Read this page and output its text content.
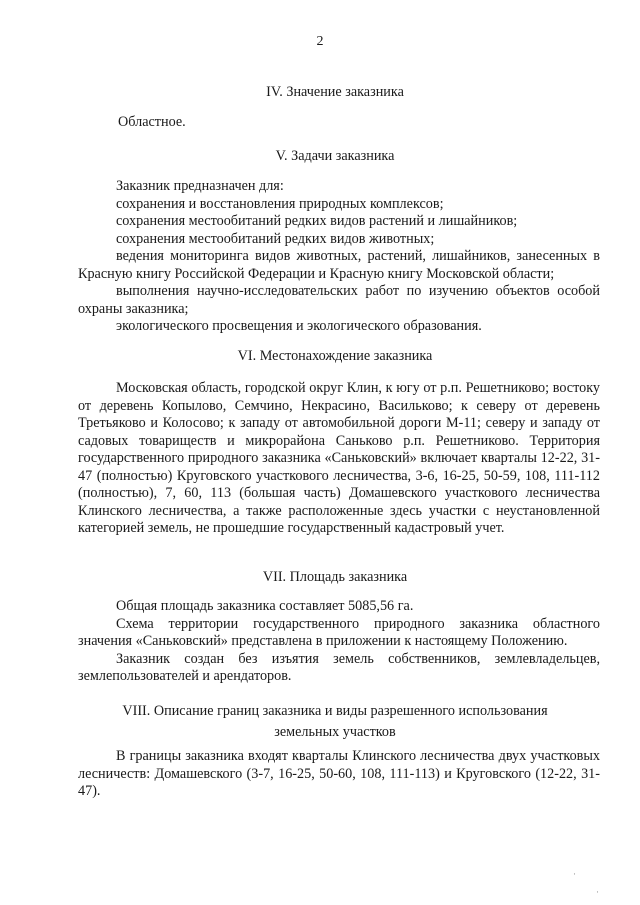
2
IV. Значение заказника

Областное.

V. Задачи заказника

Заказник предназначен для:

сохранения и восстановления природных комплексов;

сохранения местообитаний редких видов растений и лишайников;

сохранения местообитаний редких видов животных;

ведения мониторинга видов животных, растений, лишайников, занесенных в Красную книгу Российской Федерации и Красную книгу Московской области;

выполнения научно-исследовательских работ по изучению объектов особой охраны заказника;

экологического просвещения и экологического образования.

VI. Местонахождение заказника

Московская область, городской округ Клин, к югу от р.п. Решетниково; востоку от деревень Копылово, Семчино, Некрасино, Васильково; к северу от деревень Третьяково и Колосово; к западу от автомобильной дороги М-11; северу и западу от садовых товариществ и микрорайона Саньково р.п. Решетниково. Территория государственного природного заказника «Саньковский» включает кварталы 12-22, 31-47 (полностью) Круговского участкового лесничества, 3-6, 16-25, 50-59, 108, 111-112 (полностью), 7, 60, 113 (большая часть) Домашевского участкового лесничества Клинского лесничества, а также расположенные здесь участки с неустановленной категорией земель, не прошедшие государственный кадастровый учет.

VII. Площадь заказника

Общая площадь заказника составляет 5085,56 га.

Схема территории государственного природного заказника областного значения «Саньковский» представлена в приложении к настоящему Положению.

Заказник создан без изъятия земель собственников, землевладельцев, землепользователей и арендаторов.

VIII. Описание границ заказника и виды разрешенного использования
земельных участков

В границы заказника входят кварталы Клинского лесничества двух участковых лесничеств: Домашевского (3-7, 16-25, 50-60, 108, 111-113) и Круговского (12-22, 31-47).

·
·
